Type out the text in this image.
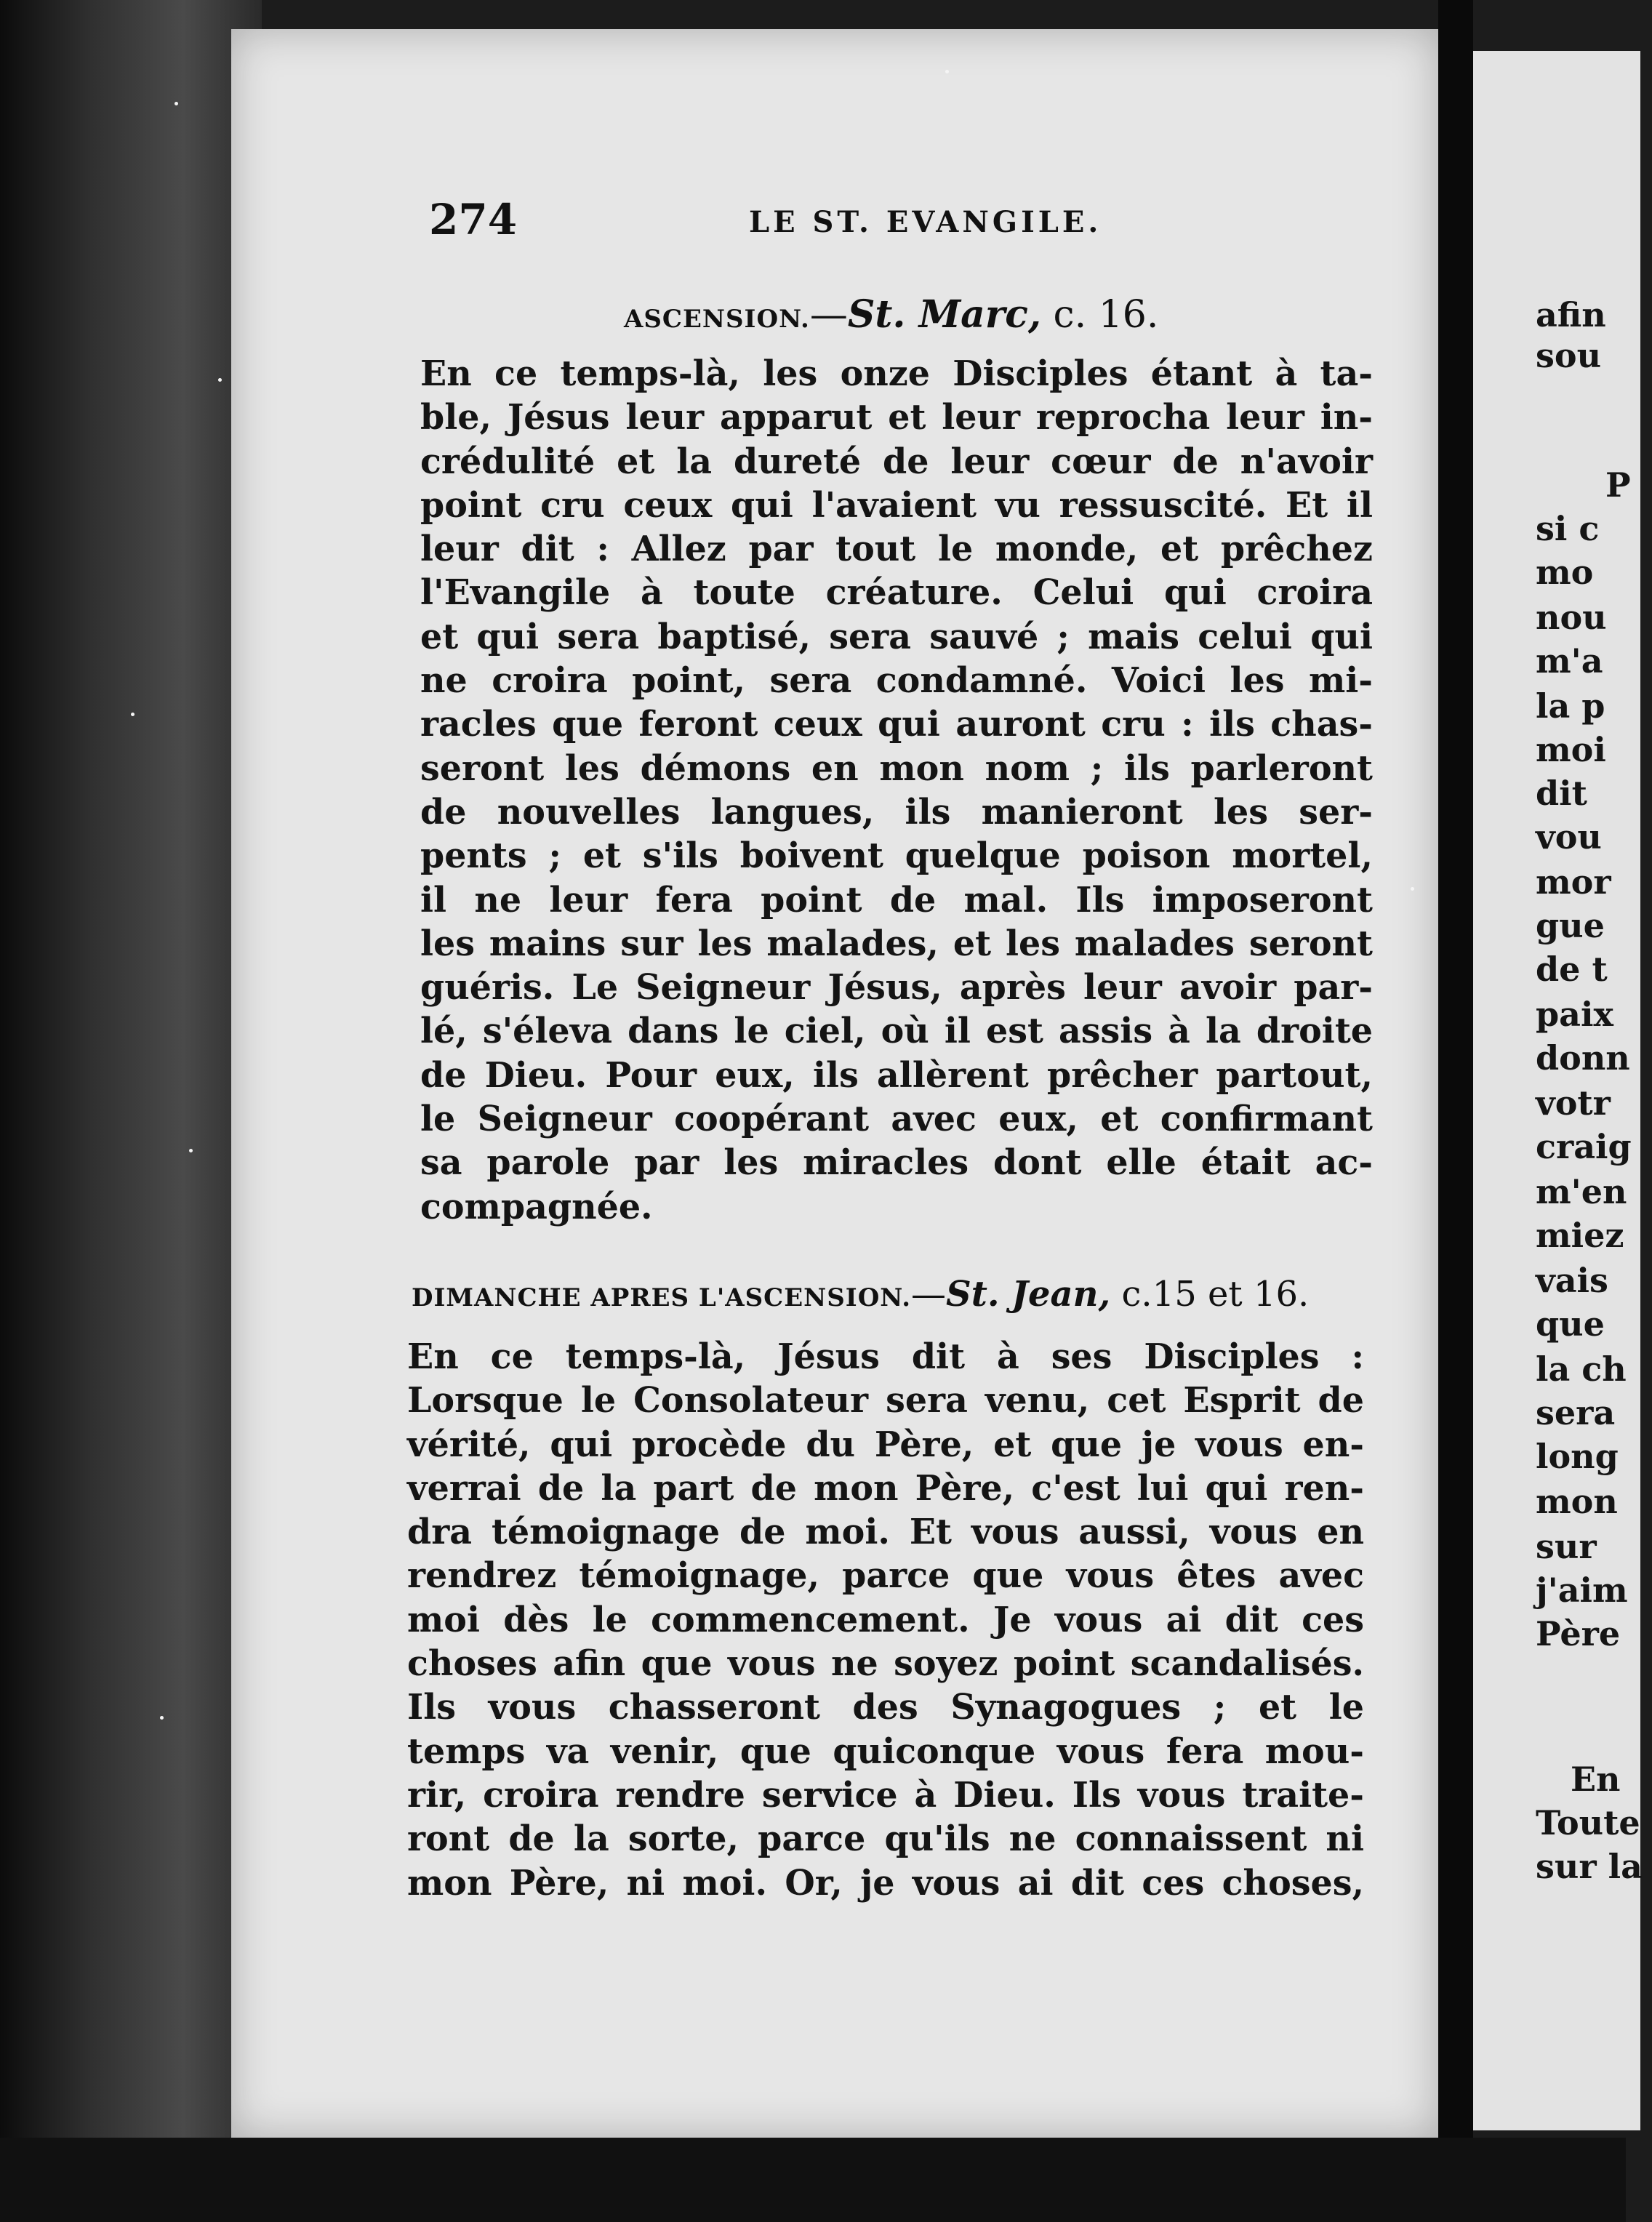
274	LE ST. EVANGILE.
ASCENSION.—St. Marc, c. 16.
En ce temps-là, les onze Disciples étant à ta-
ble, Jésus leur apparut et leur reprocha leur in-
crédulité et la dureté de leur cœur de n'avoir
point cru ceux qui l'avaient vu ressuscité. Et il
leur dit : Allez par tout le monde, et prêchez
l'Evangile à toute créature. Celui qui croira
et qui sera baptisé, sera sauvé ; mais celui qui
ne croira point, sera condamné. Voici les mi-
racles que feront ceux qui auront cru : ils chas-
seront les démons en mon nom ; ils parleront
de nouvelles langues, ils manieront les ser-
pents ; et s'ils boivent quelque poison mortel,
il ne leur fera point de mal. Ils imposeront
les mains sur les malades, et les malades seront
guéris. Le Seigneur Jésus, après leur avoir par-
lé, s'éleva dans le ciel, où il est assis à la droite
de Dieu. Pour eux, ils allèrent prêcher partout,
le Seigneur coopérant avec eux, et confirmant
sa parole par les miracles dont elle était ac-
compagnée.
DIMANCHE APRES L'ASCENSION.—St. Jean, c.15 et 16.
En ce temps-là, Jésus dit à ses Disciples :
Lorsque le Consolateur sera venu, cet Esprit de
vérité, qui procède du Père, et que je vous en-
verrai de la part de mon Père, c'est lui qui ren-
dra témoignage de moi. Et vous aussi, vous en
rendrez témoignage, parce que vous êtes avec
moi dès le commencement. Je vous ai dit ces
choses afin que vous ne soyez point scandalisés.
Ils vous chasseront des Synagogues ; et le
temps va venir, que quiconque vous fera mou-
rir, croira rendre service à Dieu. Ils vous traite-
ront de la sorte, parce qu'ils ne connaissent ni
mon Père, ni moi. Or, je vous ai dit ces choses,
afin
sou
P
si c
mo
nou
m'a
la p
moi
dit
vou
mor
gue
de t
paix
donn
votr
craig
m'en
miez
vais
que
la ch
sera
long
mon
sur
j'aim
Père
En
Toute
sur la
